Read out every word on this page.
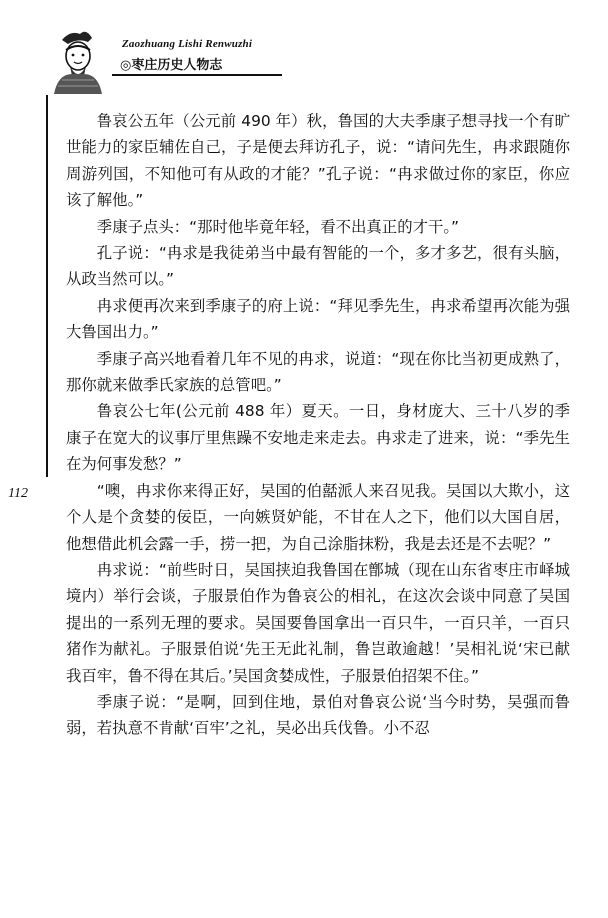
Zaozhuang Lishi Renwuzhi
◎枣庄历史人物志
112

鲁哀公五年（公元前 490 年）秋，鲁国的大夫季康子想寻找一个有旷世能力的家臣辅佐自己，子是便去拜访孔子，说：“请问先生，冉求跟随你周游列国，不知他可有从政的才能？”孔子说：“冉求做过你的家臣，你应该了解他。”

季康子点头：“那时他毕竟年轻，看不出真正的才干。”

孔子说：“冉求是我徒弟当中最有智能的一个，多才多艺，很有头脑，从政当然可以。”

冉求便再次来到季康子的府上说：“拜见季先生，冉求希望再次能为强大鲁国出力。”

季康子高兴地看着几年不见的冉求，说道：“现在你比当初更成熟了，那你就来做季氏家族的总管吧。”

鲁哀公七年(公元前 488 年）夏天。一日，身材庞大、三十八岁的季康子在宽大的议事厅里焦躁不安地走来走去。冉求走了进来，说：“季先生在为何事发愁？”

“噢，冉求你来得正好，吴国的伯嚭派人来召见我。吴国以大欺小，这个人是个贪婪的佞臣，一向嫉贤妒能，不甘在人之下，他们以大国自居，他想借此机会露一手，捞一把，为自己涂脂抹粉，我是去还是不去呢？”

冉求说：“前些时日，吴国挟迫我鲁国在鄫城（现在山东省枣庄市峄城境内）举行会谈，子服景伯作为鲁哀公的相礼，在这次会谈中同意了吴国提出的一系列无理的要求。吴国要鲁国拿出一百只牛，一百只羊，一百只猪作为献礼。子服景伯说‘先王无此礼制，鲁岂敢逾越！’吴相礼说‘宋已献我百牢，鲁不得在其后。’吴国贪婪成性，子服景伯招架不住。”

季康子说：“是啊，回到住地，景伯对鲁哀公说‘当今时势，吴强而鲁弱，若执意不肯献‘百牢’之礼，吴必出兵伐鲁。小不忍
